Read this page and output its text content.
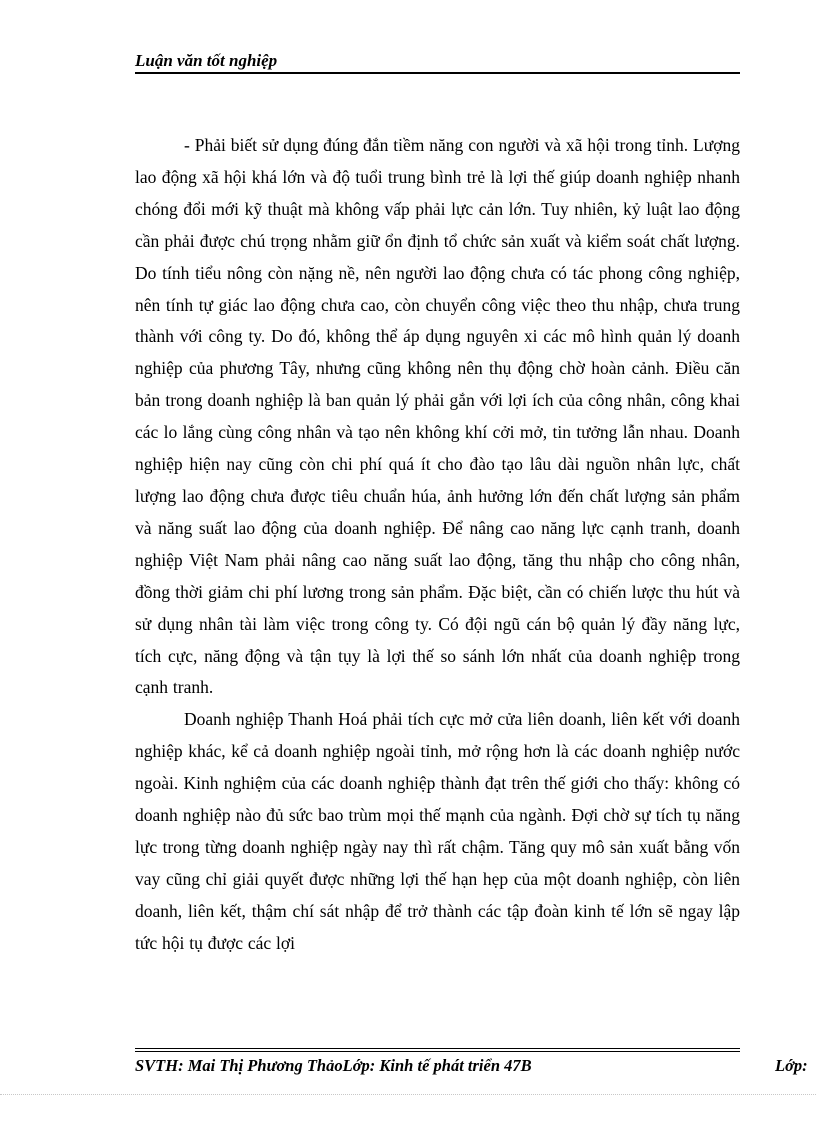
Luận văn tốt nghiệp

- Phải biết sử dụng đúng đắn tiềm năng con người và xã hội trong tỉnh. Lượng lao động xã hội khá lớn và độ tuổi trung bình trẻ là lợi thế giúp doanh nghiệp nhanh chóng đổi mới kỹ thuật mà không vấp phải lực cản lớn. Tuy nhiên, kỷ luật lao động cần phải được chú trọng nhằm giữ ổn định tổ chức sản xuất và kiểm soát chất lượng. Do tính tiểu nông còn nặng nề, nên người lao động chưa có tác phong công nghiệp, nên tính tự giác lao động chưa cao, còn chuyển công việc theo thu nhập, chưa trung thành với công ty. Do đó, không thể áp dụng nguyên xi các mô hình quản lý doanh nghiệp của phương Tây, nhưng cũng không nên thụ động chờ hoàn cảnh. Điều căn bản trong doanh nghiệp là ban quản lý phải gắn với lợi ích của công nhân, công khai các lo lắng cùng công nhân và tạo nên không khí cởi mở, tin tưởng lẫn nhau. Doanh nghiệp hiện nay cũng còn chi phí quá ít cho đào tạo lâu dài nguồn nhân lực, chất lượng lao động chưa được tiêu chuẩn húa, ảnh hưởng lớn đến chất lượng sản phẩm và năng suất lao động của doanh nghiệp. Để nâng cao năng lực cạnh tranh, doanh nghiệp Việt Nam phải nâng cao năng suất lao động, tăng thu nhập cho công nhân, đồng thời giảm chi phí lương trong sản phẩm. Đặc biệt, cần có chiến lược thu hút và sử dụng nhân tài làm việc trong công ty. Có đội ngũ cán bộ quản lý đầy năng lực, tích cực, năng động và tận tụy là lợi thế so sánh lớn nhất của doanh nghiệp trong cạnh tranh.

Doanh nghiệp Thanh Hoá phải tích cực mở cửa liên doanh, liên kết với doanh nghiệp khác, kể cả doanh nghiệp ngoài tỉnh, mở rộng hơn là các doanh nghiệp nước ngoài. Kinh nghiệm của các doanh nghiệp thành đạt trên thế giới cho thấy: không có doanh nghiệp nào đủ sức bao trùm mọi thế mạnh của ngành. Đợi chờ sự tích tụ năng lực trong từng doanh nghiệp ngày nay thì rất chậm. Tăng quy mô sản xuất bằng vốn vay cũng chỉ giải quyết được những lợi thế hạn hẹp của một doanh nghiệp, còn liên doanh, liên kết, thậm chí sát nhập để trở thành các tập đoàn kinh tế lớn sẽ ngay lập tức hội tụ được các lợi

SVTH: Mai Thị Phương ThảoLớp: Kinh tế phát triển 47B	Lớp:
